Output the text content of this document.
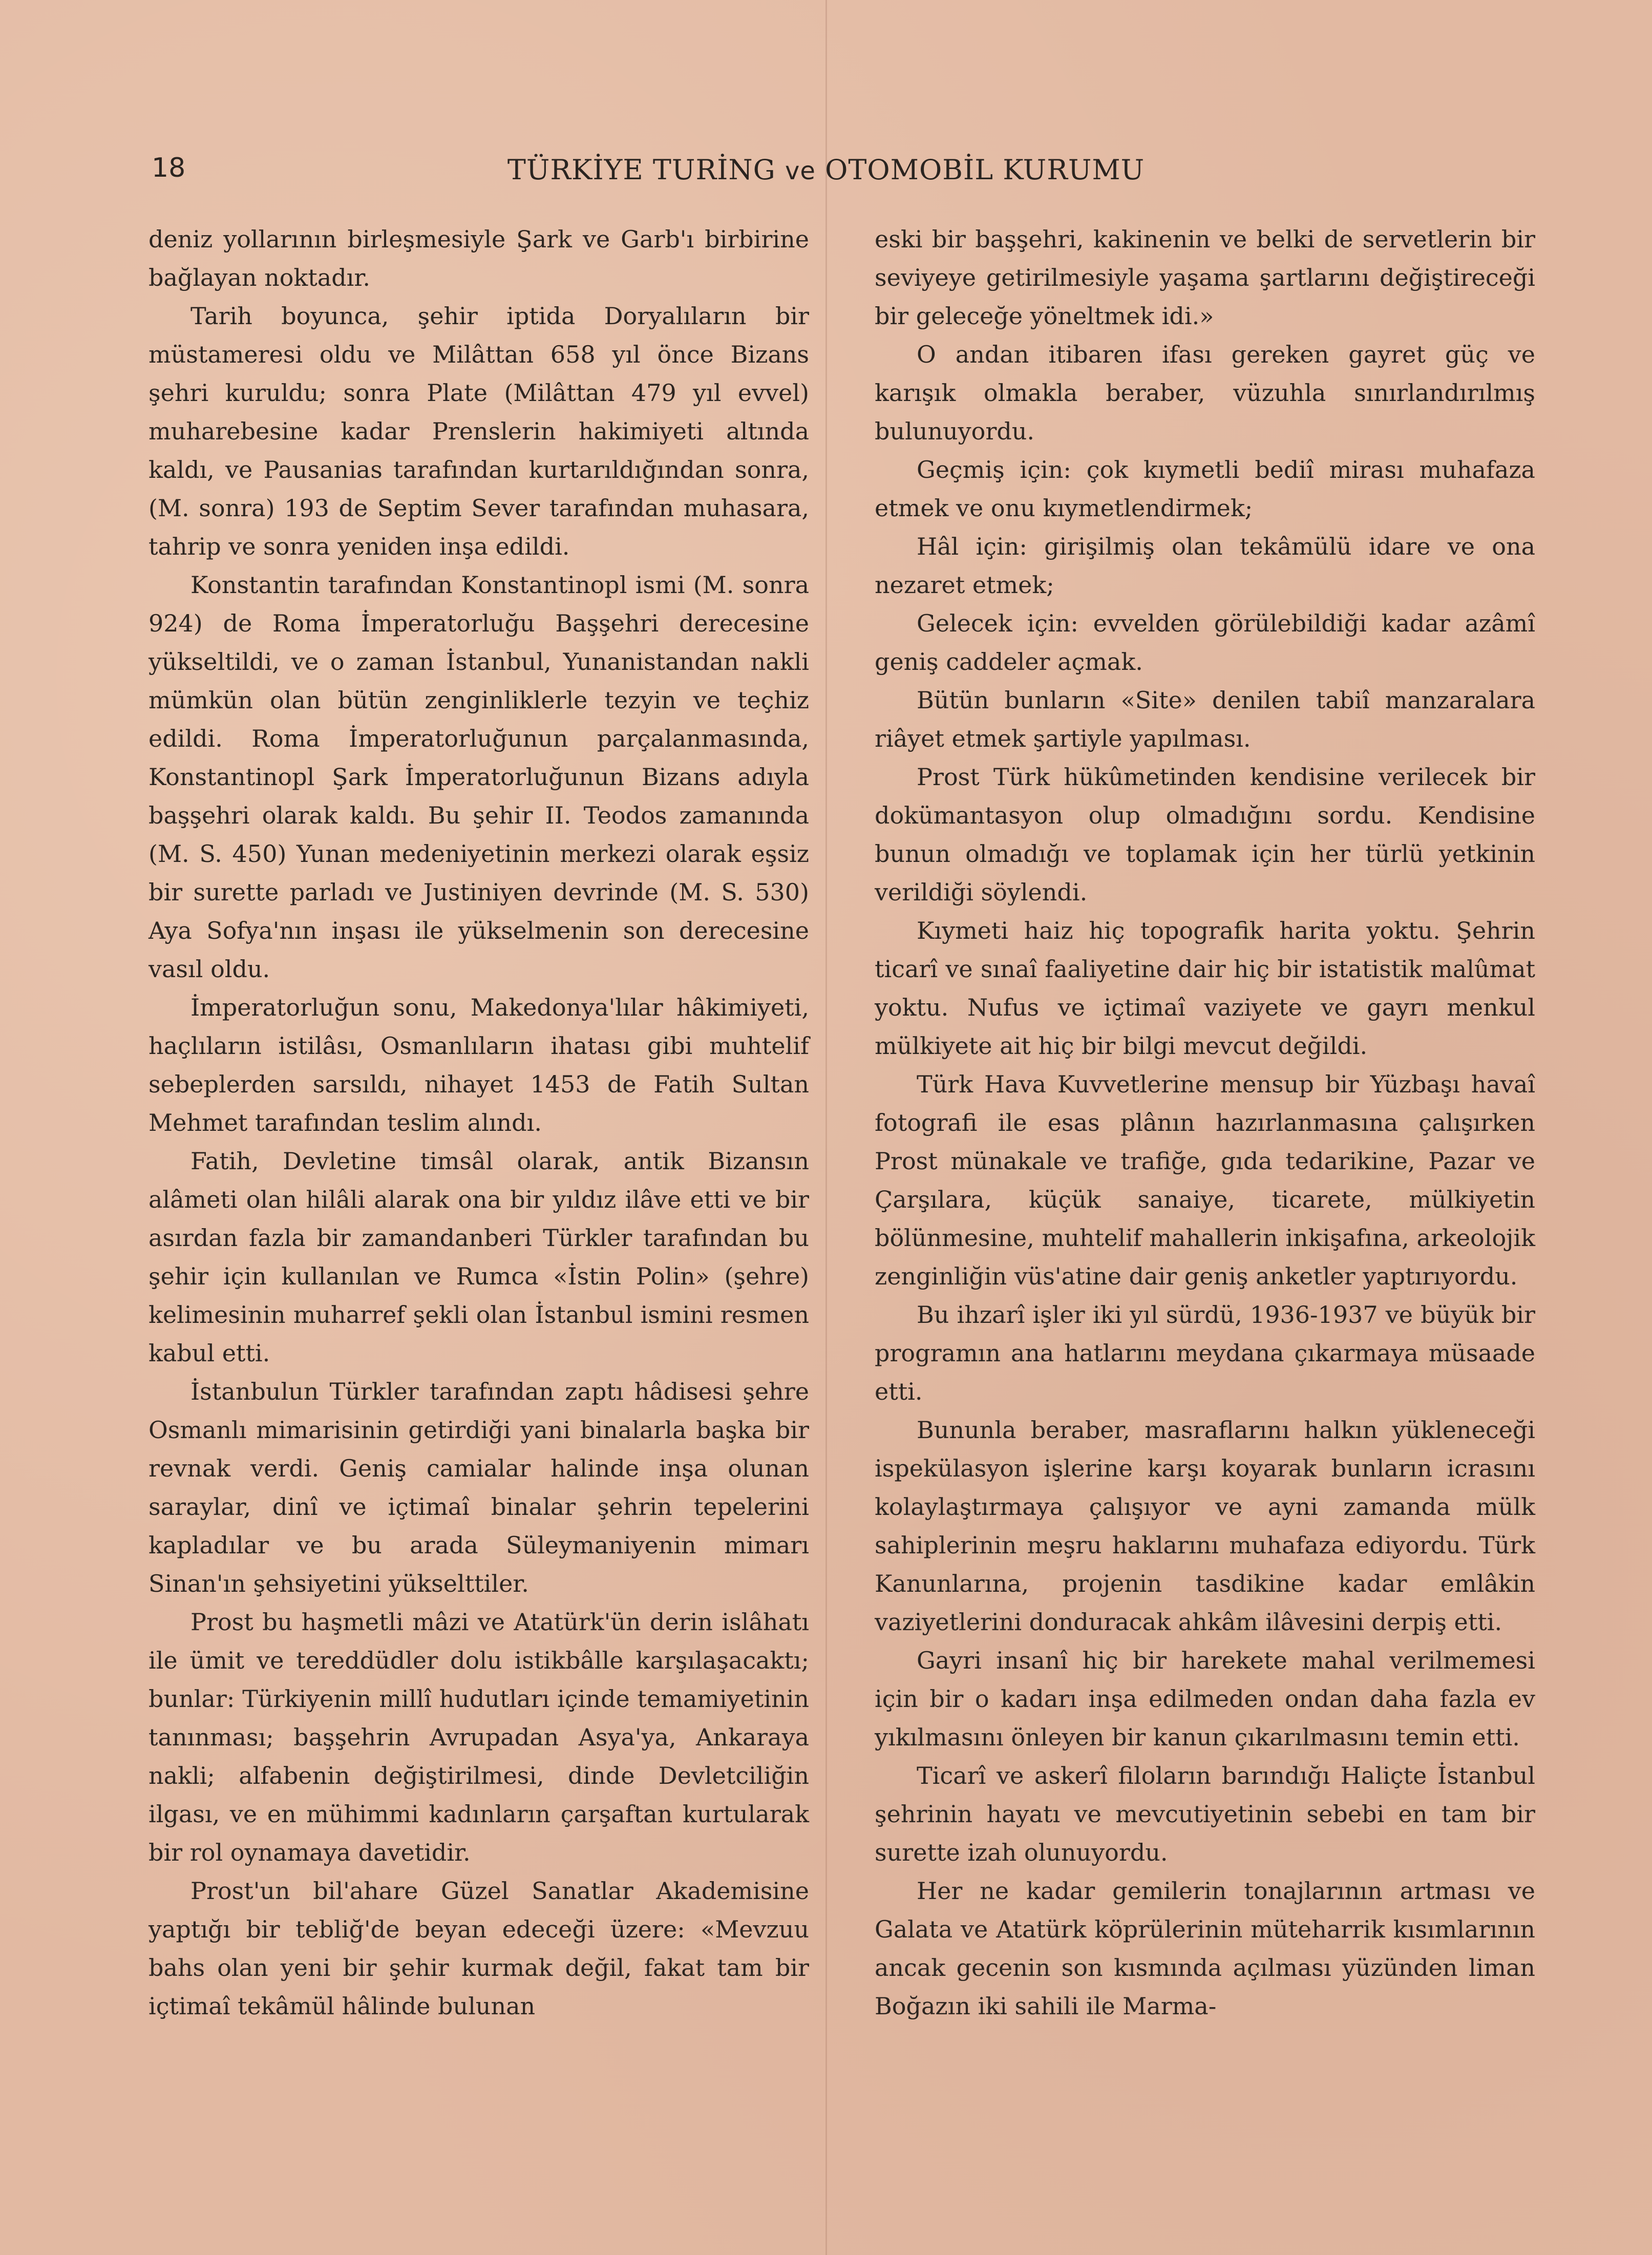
18	TÜRKİYE TURİNG ve OTOMOBİL KURUMU

deniz yollarının birleşmesiyle Şark ve Garb'ı birbirine bağlayan noktadır.

Tarih boyunca, şehir iptida Doryalıların bir müstameresi oldu ve Milâttan 658 yıl önce Bizans şehri kuruldu; sonra Plate (Milâttan 479 yıl evvel) muharebesine kadar Prenslerin hakimiyeti altında kaldı, ve Pausanias tarafından kurtarıldığından sonra, (M. sonra) 193 de Septim Sever tarafından muhasara, tahrip ve sonra yeniden inşa edildi.

Konstantin tarafından Konstantinopl ismi (M. sonra 924) de Roma İmperatorluğu Başşehri derecesine yükseltildi, ve o zaman İstanbul, Yunanistandan nakli mümkün olan bütün zenginliklerle tezyin ve teçhiz edildi. Roma İmperatorluğunun parçalanmasında, Konstantinopl Şark İmperatorluğunun Bizans adıyla başşehri olarak kaldı. Bu şehir II. Teodos zamanında (M. S. 450) Yunan medeniyetinin merkezi olarak eşsiz bir surette parladı ve Justiniyen devrinde (M. S. 530) Aya Sofya'nın inşası ile yükselmenin son derecesine vasıl oldu.

İmperatorluğun sonu, Makedonya'lılar hâkimiyeti, haçlıların istilâsı, Osmanlıların ihatası gibi muhtelif sebeplerden sarsıldı, nihayet 1453 de Fatih Sultan Mehmet tarafından teslim alındı.

Fatih, Devletine timsâl olarak, antik Bizansın alâmeti olan hilâli alarak ona bir yıldız ilâve etti ve bir asırdan fazla bir zamandanberi Türkler tarafından bu şehir için kullanılan ve Rumca «İstin Polin» (şehre) kelimesinin muharref şekli olan İstanbul ismini resmen kabul etti.

İstanbulun Türkler tarafından zaptı hâdisesi şehre Osmanlı mimarisinin getirdiği yani binalarla başka bir revnak verdi. Geniş camialar halinde inşa olunan saraylar, dinî ve içtimaî binalar şehrin tepelerini kapladılar ve bu arada Süleymaniyenin mimarı Sinan'ın şehsiyetini yükselttiler.

Prost bu haşmetli mâzi ve Atatürk'ün derin islâhatı ile ümit ve tereddüdler dolu istikbâlle karşılaşacaktı; bunlar: Türkiyenin millî hudutları içinde temamiyetinin tanınması; başşehrin Avrupadan Asya'ya, Ankaraya nakli; alfabenin değiştirilmesi, dinde Devletciliğin ilgası, ve en mühimmi kadınların çarşaftan kurtularak bir rol oynamaya davetidir.

Prost'un bil'ahare Güzel Sanatlar Akademisine yaptığı bir tebliğ'de beyan edeceği üzere: «Mevzuu bahs olan yeni bir şehir kurmak değil, fakat tam bir içtimaî tekâmül hâlinde bulunan

eski bir başşehri, kakinenin ve belki de servetlerin bir seviyeye getirilmesiyle yaşama şartlarını değiştireceği bir geleceğe yöneltmek idi.»

O andan itibaren ifası gereken gayret güç ve karışık olmakla beraber, vüzuhla sınırlandırılmış bulunuyordu.

Geçmiş için: çok kıymetli bediî mirası muhafaza etmek ve onu kıymetlendirmek;

Hâl için: girişilmiş olan tekâmülü idare ve ona nezaret etmek;

Gelecek için: evvelden görülebildiği kadar azâmî geniş caddeler açmak.

Bütün bunların «Site» denilen tabiî manzaralara riâyet etmek şartiyle yapılması.

Prost Türk hükûmetinden kendisine verilecek bir dokümantasyon olup olmadığını sordu. Kendisine bunun olmadığı ve toplamak için her türlü yetkinin verildiği söylendi.

Kıymeti haiz hiç topografik harita yoktu. Şehrin ticarî ve sınaî faaliyetine dair hiç bir istatistik malûmat yoktu. Nufus ve içtimaî vaziyete ve gayrı menkul mülkiyete ait hiç bir bilgi mevcut değildi.

Türk Hava Kuvvetlerine mensup bir Yüzbaşı havaî fotografi ile esas plânın hazırlanmasına çalışırken Prost münakale ve trafiğe, gıda tedarikine, Pazar ve Çarşılara, küçük sanaiye, ticarete, mülkiyetin bölünmesine, muhtelif mahallerin inkişafına, arkeolojik zenginliğin vüs'atine dair geniş anketler yaptırıyordu.

Bu ihzarî işler iki yıl sürdü, 1936-1937 ve büyük bir programın ana hatlarını meydana çıkarmaya müsaade etti.

Bununla beraber, masraflarını halkın yükleneceği ispekülasyon işlerine karşı koyarak bunların icrasını kolaylaştırmaya çalışıyor ve ayni zamanda mülk sahiplerinin meşru haklarını muhafaza ediyordu. Türk Kanunlarına, projenin tasdikine kadar emlâkin vaziyetlerini donduracak ahkâm ilâvesini derpiş etti.

Gayri insanî hiç bir harekete mahal verilmemesi için bir o kadarı inşa edilmeden ondan daha fazla ev yıkılmasını önleyen bir kanun çıkarılmasını temin etti.

Ticarî ve askerî filoların barındığı Haliçte İstanbul şehrinin hayatı ve mevcutiyetinin sebebi en tam bir surette izah olunuyordu.

Her ne kadar gemilerin tonajlarının artması ve Galata ve Atatürk köprülerinin müteharrik kısımlarının ancak gecenin son kısmında açılması yüzünden liman Boğazın iki sahili ile Marma-
